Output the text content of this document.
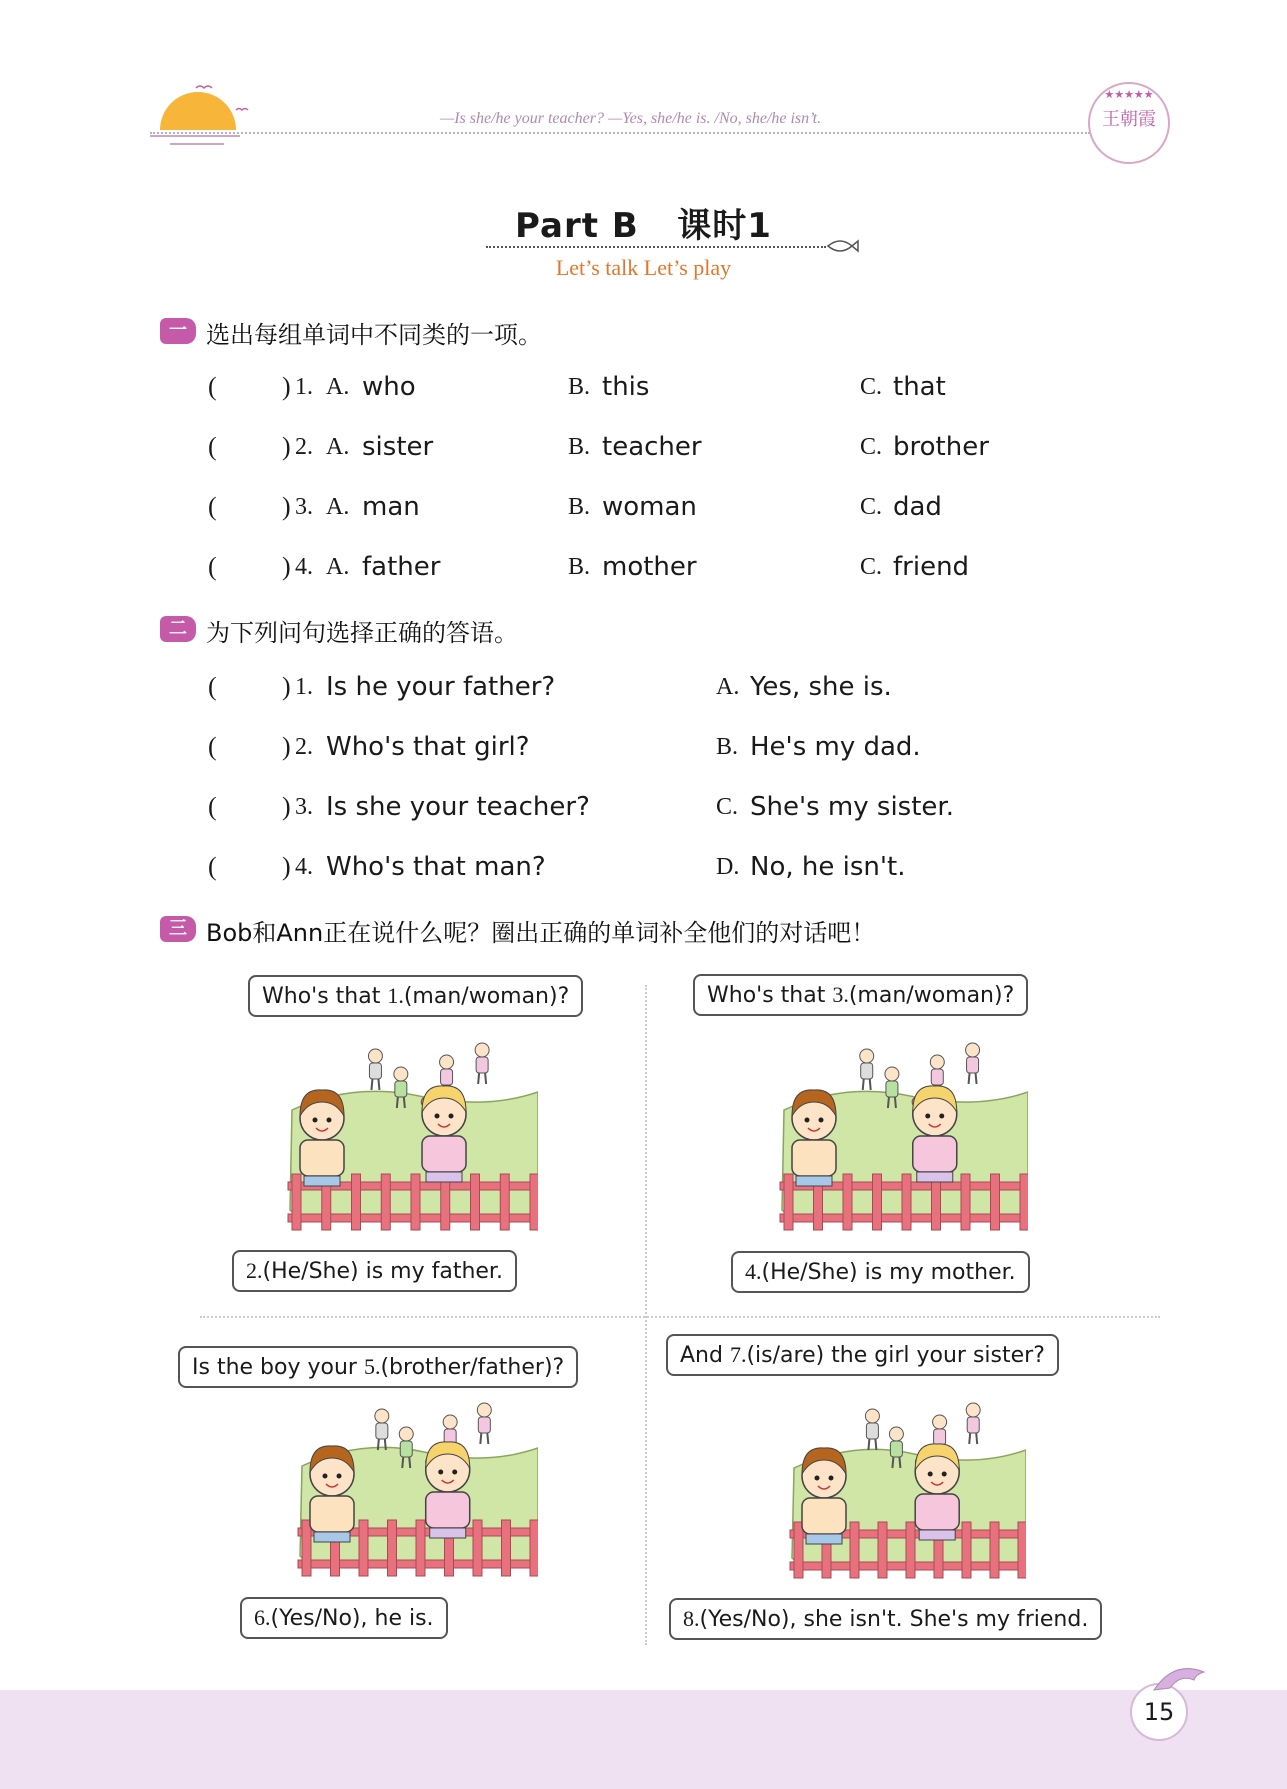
—Is she/he your teacher? —Yes, she/he is. /No, she/he isn’t.
★★★★★
王朝霞
Part B   课时1
Let’s talk Let’s play
一 选出每组单词中不同类的一项。
(	) 1. A. who	B. this	C. that
(	) 2. A. sister	B. teacher	C. brother
(	) 3. A. man	B. woman	C. dad
(	) 4. A. father	B. mother	C. friend
二 为下列问句选择正确的答语。
(	) 1. Is he your father?	A. Yes, she is.
(	) 2. Who's that girl?	B. He's my dad.
(	) 3. Is she your teacher?	C. She's my sister.
(	) 4. Who's that man?	D. No, he isn't.
三 Bob和Ann正在说什么呢？圈出正确的单词补全他们的对话吧！
Who's that 1.(man/woman)?
2.(He/She) is my father.
Who's that 3.(man/woman)?
4.(He/She) is my mother.
Is the boy your 5.(brother/father)?
6.(Yes/No), he is.
And 7.(is/are) the girl your sister?
8.(Yes/No), she isn't. She's my friend.
15
